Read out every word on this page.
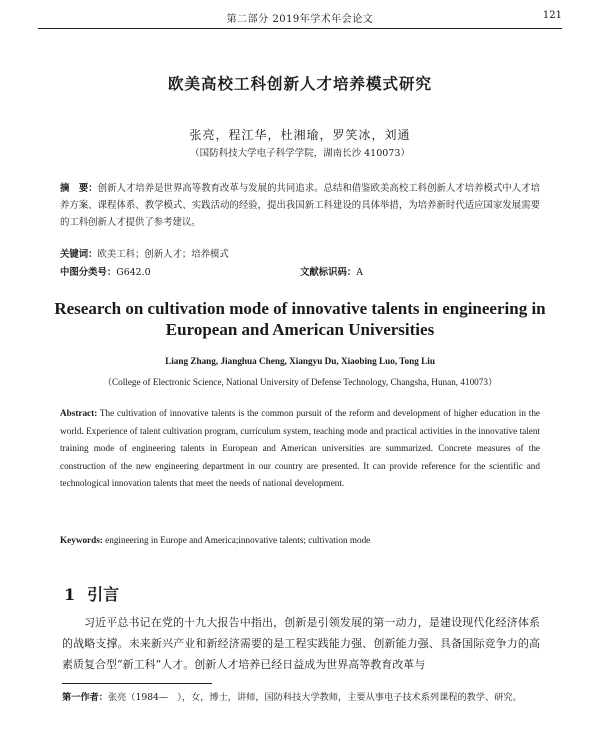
第二部分 2019年学术年会论文	121
欧美高校工科创新人才培养模式研究
张亮，程江华，杜湘瑜，罗笑冰，刘通
（国防科技大学电子科学学院，湖南长沙 410073）
摘　要：创新人才培养是世界高等教育改革与发展的共同追求。总结和借鉴欧美高校工科创新人才培养模式中人才培养方案、课程体系、教学模式、实践活动的经验，提出我国新工科建设的具体举措，为培养新时代适应国家发展需要的工科创新人才提供了参考建议。
关键词：欧美工科；创新人才；培养模式
中图分类号：G642.0	文献标识码：A
Research on cultivation mode of innovative talents in engineering in European and American Universities
Liang Zhang, Jianghua Cheng, Xiangyu Du, Xiaobing Luo, Tong Liu
（College of Electronic Science, National University of Defense Technology, Changsha, Hunan, 410073）
Abstract: The cultivation of innovative talents is the common pursuit of the reform and development of higher education in the world. Experience of talent cultivation program, curriculum system, teaching mode and practical activities in the innovative talent training mode of engineering talents in European and American universities are summarized. Concrete measures of the construction of the new engineering department in our country are presented. It can provide reference for the scientific and technological innovation talents that meet the needs of national development.
Keywords: engineering in Europe and America;innovative talents; cultivation mode
1 引言
习近平总书记在党的十九大报告中指出，创新是引领发展的第一动力，是建设现代化经济体系的战略支撑。未来新兴产业和新经济需要的是工程实践能力强、创新能力强、具备国际竞争力的高素质复合型“新工科”人才。创新人才培养已经日益成为世界高等教育改革与
第一作者：张亮（1984—　），女，博士，讲师，国防科技大学教师，主要从事电子技术系列课程的教学、研究。
